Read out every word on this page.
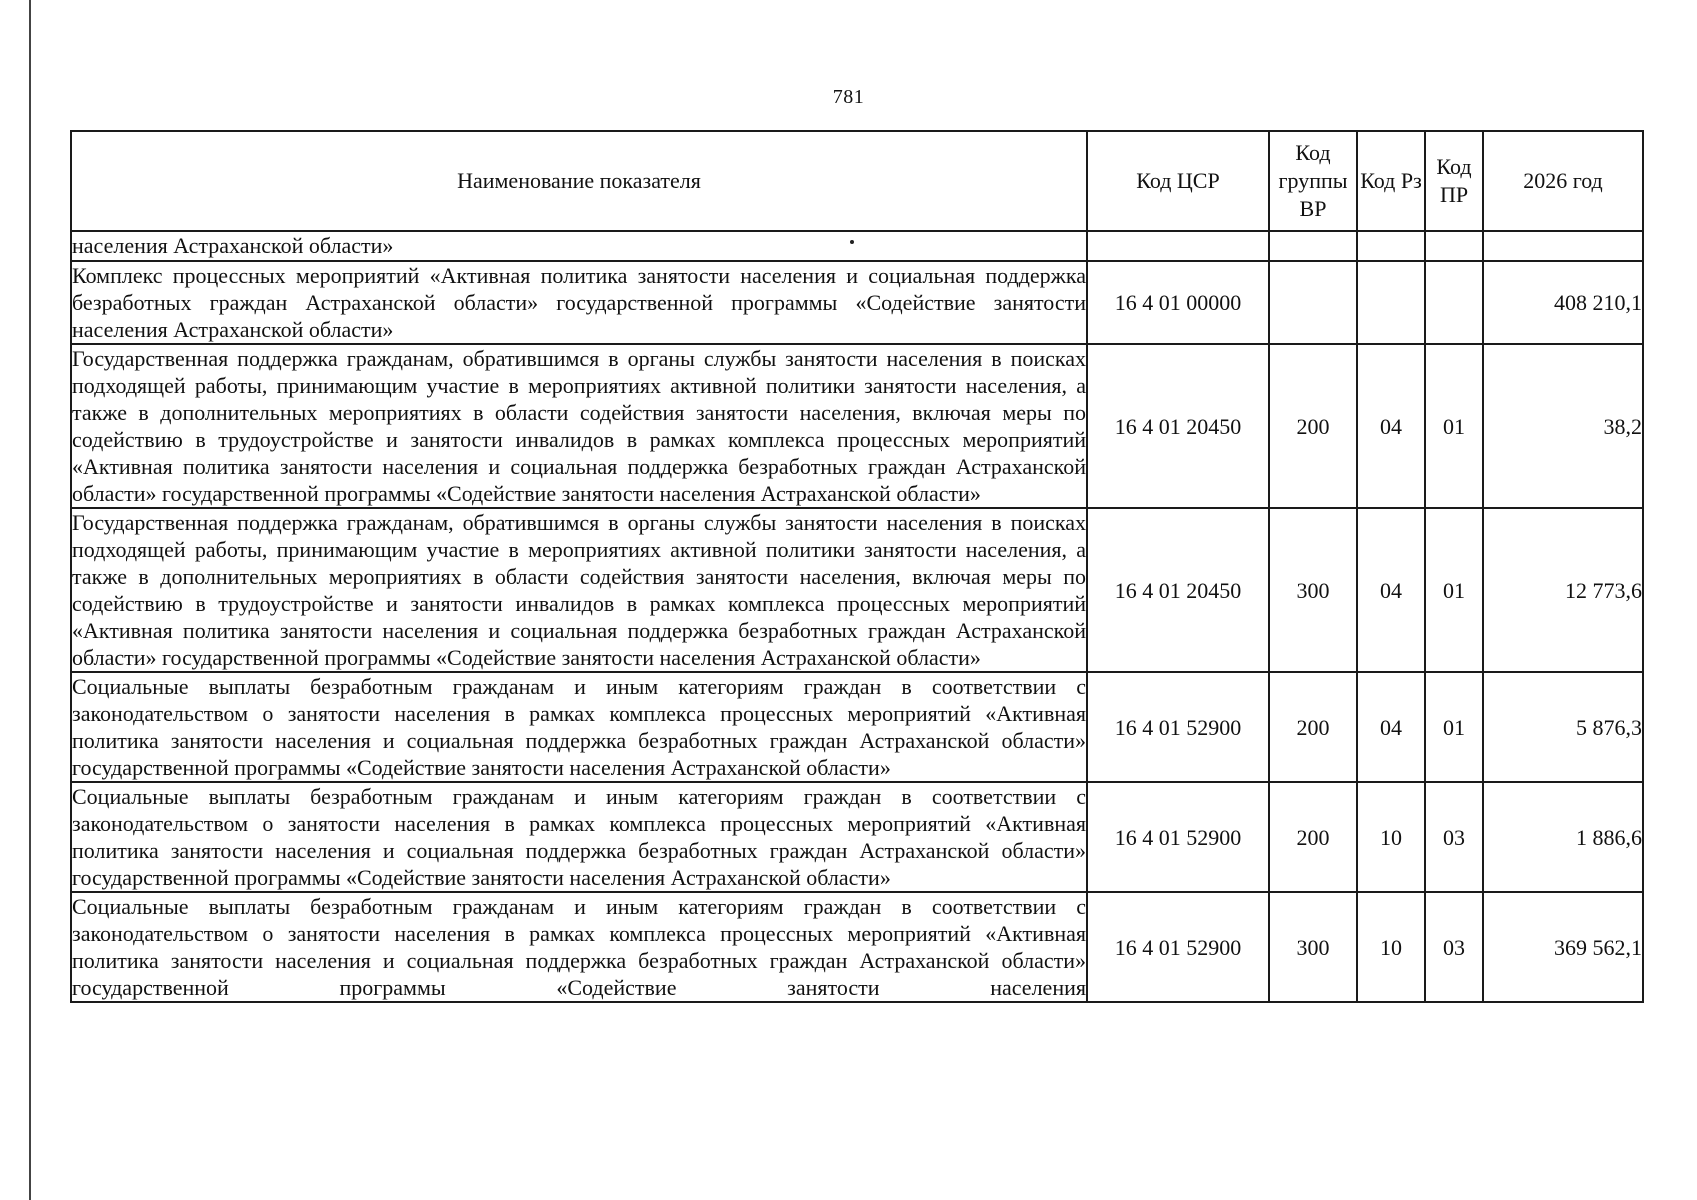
781
Наименование показателя	Код ЦСР	Код группы ВР	Код Рз	Код ПР	2026 год
населения Астраханской области»					
Комплекс процессных мероприятий «Активная политика занятости населения и социальная поддержка безработных граждан Астраханской области» государственной программы «Содействие занятости населения Астраханской области»	16 4 01 00000				408 210,1
Государственная поддержка гражданам, обратившимся в органы службы занятости населения в поисках подходящей работы, принимающим участие в мероприятиях активной политики занятости населения, а также в дополнительных мероприятиях в области содействия занятости населения, включая меры по содействию в трудоустройстве и занятости инвалидов в рамках комплекса процессных мероприятий «Активная политика занятости населения и социальная поддержка безработных граждан Астраханской области» государственной программы «Содействие занятости населения Астраханской области»	16 4 01 20450	200	04	01	38,2
Государственная поддержка гражданам, обратившимся в органы службы занятости населения в поисках подходящей работы, принимающим участие в мероприятиях активной политики занятости населения, а также в дополнительных мероприятиях в области содействия занятости населения, включая меры по содействию в трудоустройстве и занятости инвалидов в рамках комплекса процессных мероприятий «Активная политика занятости населения и социальная поддержка безработных граждан Астраханской области» государственной программы «Содействие занятости населения Астраханской области»	16 4 01 20450	300	04	01	12 773,6
Социальные выплаты безработным гражданам и иным категориям граждан в соответствии с законодательством о занятости населения в рамках комплекса процессных мероприятий «Активная политика занятости населения и социальная поддержка безработных граждан Астраханской области» государственной программы «Содействие занятости населения Астраханской области»	16 4 01 52900	200	04	01	5 876,3
Социальные выплаты безработным гражданам и иным категориям граждан в соответствии с законодательством о занятости населения в рамках комплекса процессных мероприятий «Активная политика занятости населения и социальная поддержка безработных граждан Астраханской области» государственной программы «Содействие занятости населения Астраханской области»	16 4 01 52900	200	10	03	1 886,6
Социальные выплаты безработным гражданам и иным категориям граждан в соответствии с законодательством о занятости населения в рамках комплекса процессных мероприятий «Активная политика занятости населения и социальная поддержка безработных граждан Астраханской области» государственной программы «Содействие занятости населения	16 4 01 52900	300	10	03	369 562,1
